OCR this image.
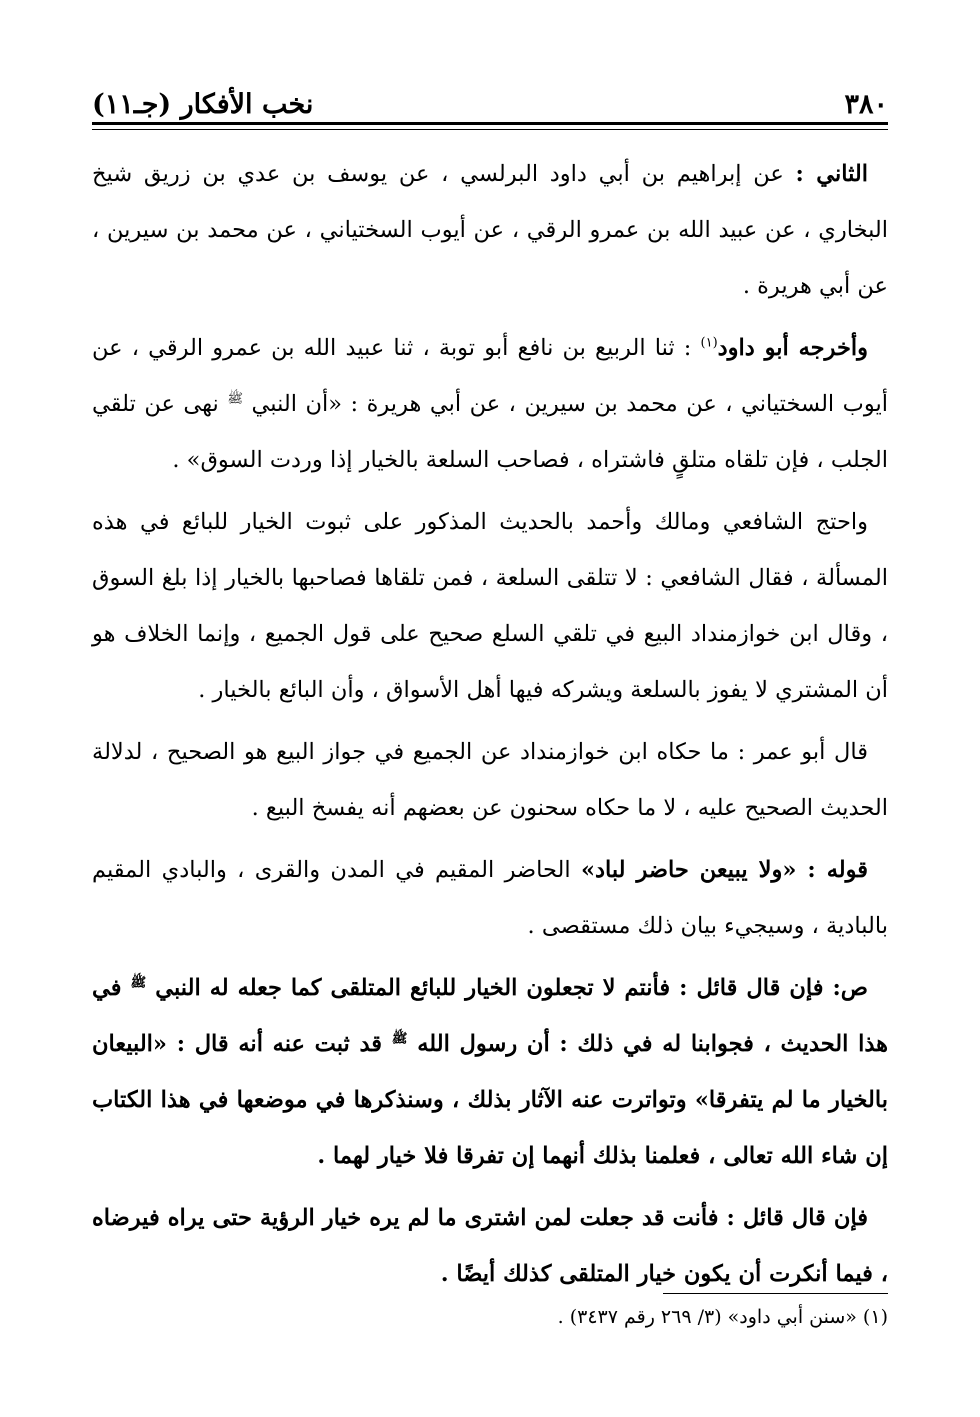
٣٨٠
نخب الأفكار (جـ١١)

الثاني : عن إبراهيم بن أبي داود البرلسي ، عن يوسف بن عدي بن زريق شيخ البخاري ، عن عبيد الله بن عمرو الرقي ، عن أيوب السختياني ، عن محمد بن سيرين ، عن أبي هريرة .

وأخرجه أبو داود$^{(١)}$ : ثنا الربيع بن نافع أبو توبة ، ثنا عبيد الله بن عمرو الرقي ، عن أيوب السختياني ، عن محمد بن سيرين ، عن أبي هريرة : «أن النبي $^ﷺ$ نهى عن تلقي الجلب ، فإن تلقاه متلقٍ فاشتراه ، فصاحب السلعة بالخيار إذا وردت السوق» .

واحتج الشافعي ومالك وأحمد بالحديث المذكور على ثبوت الخيار للبائع في هذه المسألة ، فقال الشافعي : لا تتلقى السلعة ، فمن تلقاها فصاحبها بالخيار إذا بلغ السوق ، وقال ابن خوازمنداد البيع في تلقي السلع صحيح على قول الجميع ، وإنما الخلاف هو أن المشتري لا يفوز بالسلعة ويشركه فيها أهل الأسواق ، وأن البائع بالخيار .

قال أبو عمر : ما حكاه ابن خوازمنداد عن الجميع في جواز البيع هو الصحيح ، لدلالة الحديث الصحيح عليه ، لا ما حكاه سحنون عن بعضهم أنه يفسخ البيع .

قوله : «ولا يبيعن حاضر لباد» الحاضر المقيم في المدن والقرى ، والبادي المقيم بالبادية ، وسيجيء بيان ذلك مستقصى .

ص: فإن قال قائل : فأنتم لا تجعلون الخيار للبائع المتلقى كما جعله له النبي $^ﷺ$ في هذا الحديث ، فجوابنا له في ذلك : أن رسول الله $^ﷺ$ قد ثبت عنه أنه قال : «البيعان بالخيار ما لم يتفرقا» وتواترت عنه الآثار بذلك ، وسنذكرها في موضعها في هذا الكتاب إن شاء الله تعالى ، فعلمنا بذلك أنهما إن تفرقا فلا خيار لهما .

فإن قال قائل : فأنت قد جعلت لمن اشترى ما لم يره خيار الرؤية حتى يراه فيرضاه ، فيما أنكرت أن يكون خيار المتلقى كذلك أيضًا .

(١) «سنن أبي داود» (٣/ ٢٦٩ رقم ٣٤٣٧) .
